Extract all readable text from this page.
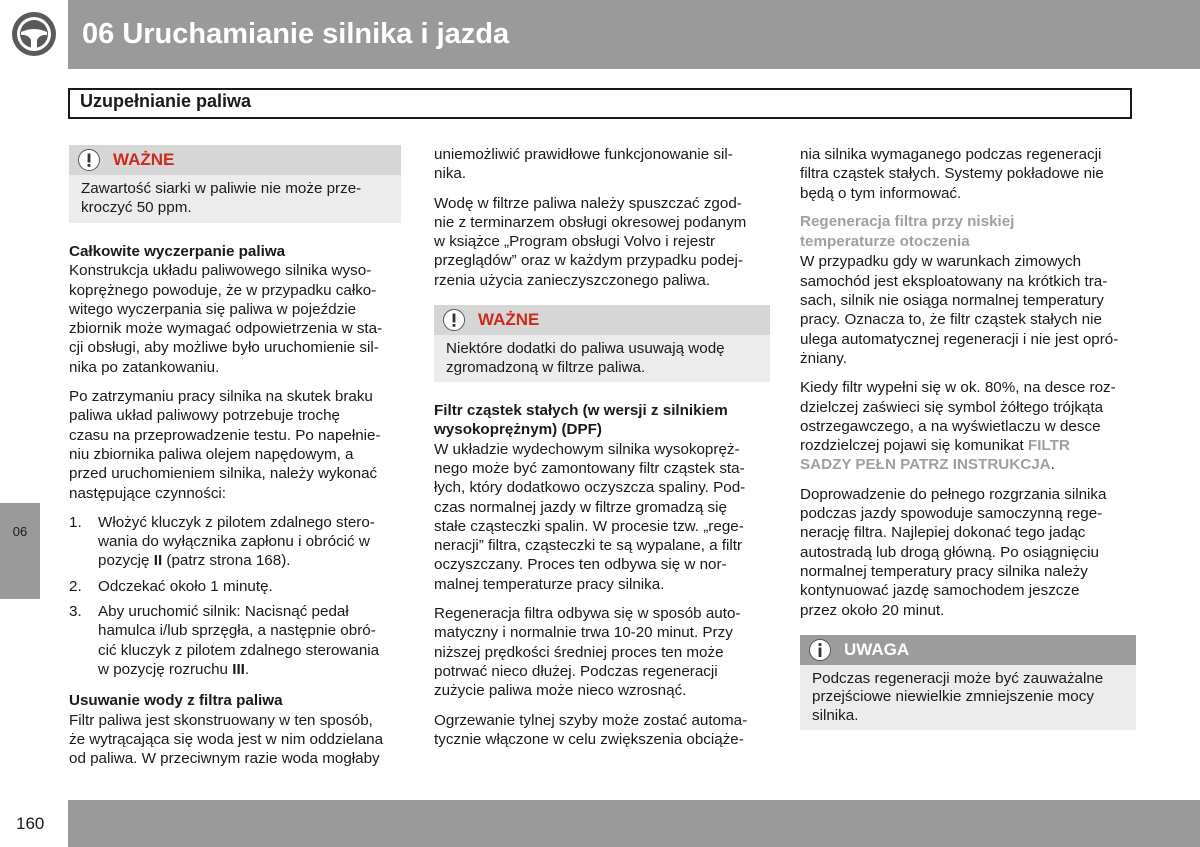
06 Uruchamianie silnika i jazda
Uzupełnianie paliwa
06
160
WAŻNE
Zawartość siarki w paliwie nie może prze-
kroczyć 50 ppm.
Całkowite wyczerpanie paliwa

Konstrukcja układu paliwowego silnika wyso-
koprężnego powoduje, że w przypadku całko-
witego wyczerpania się paliwa w pojeździe
zbiornik może wymagać odpowietrzenia w sta-
cji obsługi, aby możliwe było uruchomienie sil-
nika po zatankowaniu.

Po zatrzymaniu pracy silnika na skutek braku
paliwa układ paliwowy potrzebuje trochę
czasu na przeprowadzenie testu. Po napełnie-
niu zbiornika paliwa olejem napędowym, a
przed uruchomieniem silnika, należy wykonać
następujące czynności:

1. Włożyć kluczyk z pilotem zdalnego stero-
wania do wyłącznika zapłonu i obrócić w
pozycję II (patrz strona 168).
2. Odczekać około 1 minutę.
3. Aby uruchomić silnik: Nacisnąć pedał
hamulca i/lub sprzęgła, a następnie obró-
cić kluczyk z pilotem zdalnego sterowania
w pozycję rozruchu III.
Usuwanie wody z filtra paliwa

Filtr paliwa jest skonstruowany w ten sposób,
że wytrącająca się woda jest w nim oddzielana
od paliwa. W przeciwnym razie woda mogłaby

uniemożliwić prawidłowe funkcjonowanie sil-
nika.

Wodę w filtrze paliwa należy spuszczać zgod-
nie z terminarzem obsługi okresowej podanym
w książce „Program obsługi Volvo i rejestr
przeglądów” oraz w każdym przypadku podej-
rzenia użycia zanieczyszczonego paliwa.

WAŻNE
Niektóre dodatki do paliwa usuwają wodę
zgromadzoną w filtrze paliwa.
Filtr cząstek stałych (w wersji z silnikiem
wysokoprężnym) (DPF)

W układzie wydechowym silnika wysokopręż-
nego może być zamontowany filtr cząstek sta-
łych, który dodatkowo oczyszcza spaliny. Pod-
czas normalnej jazdy w filtrze gromadzą się
stałe cząsteczki spalin. W procesie tzw. „rege-
neracji” filtra, cząsteczki te są wypalane, a filtr
oczyszczany. Proces ten odbywa się w nor-
malnej temperaturze pracy silnika.

Regeneracja filtra odbywa się w sposób auto-
matyczny i normalnie trwa 10-20 minut. Przy
niższej prędkości średniej proces ten może
potrwać nieco dłużej. Podczas regeneracji
zużycie paliwa może nieco wzrosnąć.

Ogrzewanie tylnej szyby może zostać automa-
tycznie włączone w celu zwiększenia obciąże-

nia silnika wymaganego podczas regeneracji
filtra cząstek stałych. Systemy pokładowe nie
będą o tym informować.

Regeneracja filtra przy niskiej
temperaturze otoczenia

W przypadku gdy w warunkach zimowych
samochód jest eksploatowany na krótkich tra-
sach, silnik nie osiąga normalnej temperatury
pracy. Oznacza to, że filtr cząstek stałych nie
ulega automatycznej regeneracji i nie jest opró-
żniany.

Kiedy filtr wypełni się w ok. 80%, na desce roz-
dzielczej zaświeci się symbol żółtego trójkąta
ostrzegawczego, a na wyświetlaczu w desce
rozdzielczej pojawi się komunikat FILTR
SADZY PEŁN PATRZ INSTRUKCJA.

Doprowadzenie do pełnego rozgrzania silnika
podczas jazdy spowoduje samoczynną rege-
nerację filtra. Najlepiej dokonać tego jadąc
autostradą lub drogą główną. Po osiągnięciu
normalnej temperatury pracy silnika należy
kontynuować jazdę samochodem jeszcze
przez około 20 minut.

UWAGA
Podczas regeneracji może być zauważalne
przejściowe niewielkie zmniejszenie mocy
silnika.
